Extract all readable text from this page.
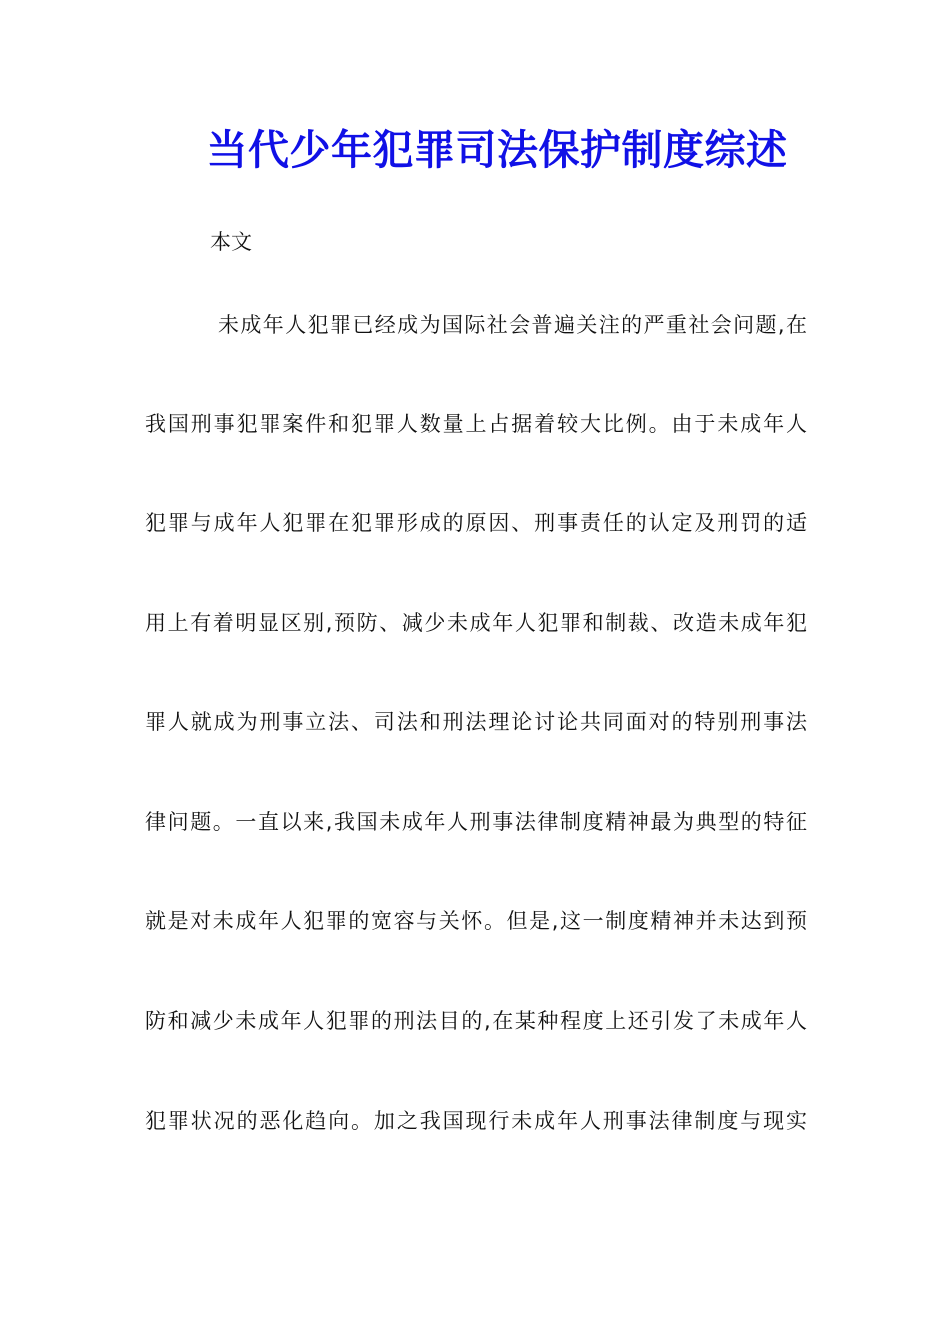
当代少年犯罪司法保护制度综述
本文
未成年人犯罪已经成为国际社会普遍关注的严重社会问题,在
我国刑事犯罪案件和犯罪人数量上占据着较大比例。由于未成年人
犯罪与成年人犯罪在犯罪形成的原因、刑事责任的认定及刑罚的适
用上有着明显区别,预防、减少未成年人犯罪和制裁、改造未成年犯
罪人就成为刑事立法、司法和刑法理论讨论共同面对的特别刑事法
律问题。一直以来,我国未成年人刑事法律制度精神最为典型的特征
就是对未成年人犯罪的宽容与关怀。但是,这一制度精神并未达到预
防和减少未成年人犯罪的刑法目的,在某种程度上还引发了未成年人
犯罪状况的恶化趋向。加之我国现行未成年人刑事法律制度与现实
